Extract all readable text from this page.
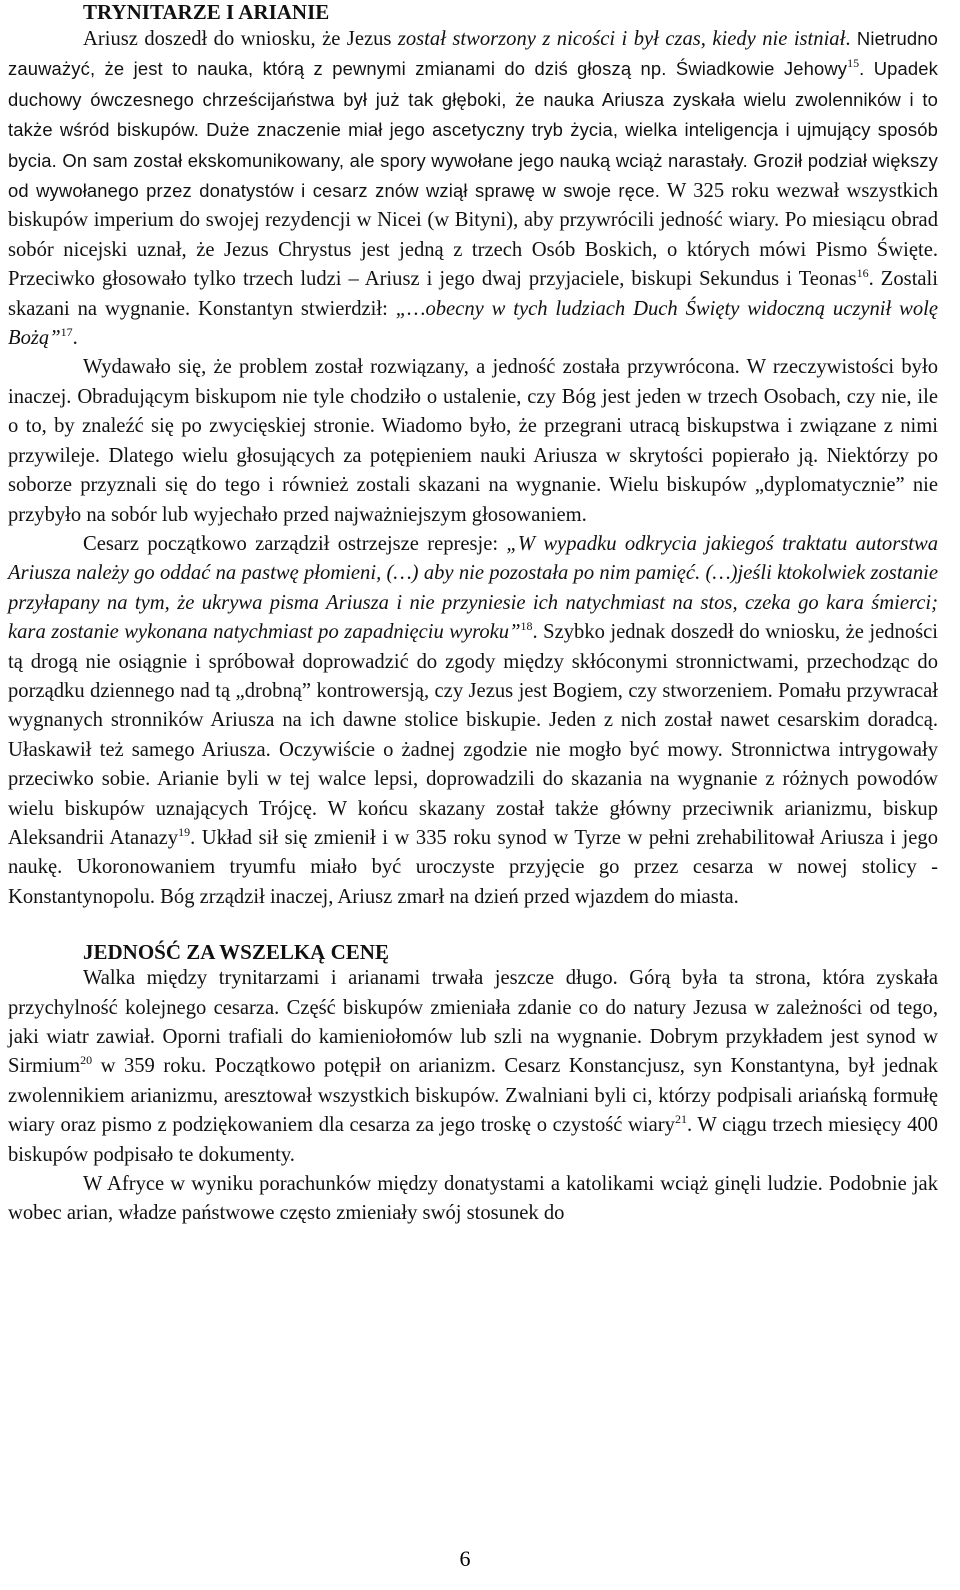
TRYNITARZE I ARIANIE

Ariusz doszedł do wniosku, że Jezus został stworzony z nicości i był czas, kiedy nie istniał. Nietrudno zauważyć, że jest to nauka, którą z pewnymi zmianami do dziś głoszą np. Świadkowie Jehowy$^{15}$. Upadek duchowy ówczesnego chrześcijaństwa był już tak głęboki, że nauka Ariusza zyskała wielu zwolenników i to także wśród biskupów. Duże znaczenie miał jego ascetyczny tryb życia, wielka inteligencja i ujmujący sposób bycia. On sam został ekskomunikowany, ale spory wywołane jego nauką wciąż narastały. Groził podział większy od wywołanego przez donatystów i cesarz znów wziął sprawę w swoje ręce. W 325 roku wezwał wszystkich biskupów imperium do swojej rezydencji w Nicei (w Bityni), aby przywrócili jedność wiary. Po miesiącu obrad sobór nicejski uznał, że Jezus Chrystus jest jedną z trzech Osób Boskich, o których mówi Pismo Święte. Przeciwko głosowało tylko trzech ludzi – Ariusz i jego dwaj przyjaciele, biskupi Sekundus i Teonas$^{16}$. Zostali skazani na wygnanie. Konstantyn stwierdził: „…obecny w tych ludziach Duch Święty widoczną uczynił wolę Bożą”$^{17}$.

Wydawało się, że problem został rozwiązany, a jedność została przywrócona. W rzeczywistości było inaczej. Obradującym biskupom nie tyle chodziło o ustalenie, czy Bóg jest jeden w trzech Osobach, czy nie, ile o to, by znaleźć się po zwycięskiej stronie. Wiadomo było, że przegrani utracą biskupstwa i związane z nimi przywileje. Dlatego wielu głosujących za potępieniem nauki Ariusza w skrytości popierało ją. Niektórzy po soborze przyznali się do tego i również zostali skazani na wygnanie. Wielu biskupów „dyplomatycznie” nie przybyło na sobór lub wyjechało przed najważniejszym głosowaniem.

Cesarz początkowo zarządził ostrzejsze represje: „W wypadku odkrycia jakiegoś traktatu autorstwa Ariusza należy go oddać na pastwę płomieni, (…) aby nie pozostała po nim pamięć. (…)jeśli ktokolwiek zostanie przyłapany na tym, że ukrywa pisma Ariusza i nie przyniesie ich natychmiast na stos, czeka go kara śmierci; kara zostanie wykonana natychmiast po zapadnięciu wyroku”$^{18}$. Szybko jednak doszedł do wniosku, że jedności tą drogą nie osiągnie i spróbował doprowadzić do zgody między skłóconymi stronnictwami, przechodząc do porządku dziennego nad tą „drobną” kontrowersją, czy Jezus jest Bogiem, czy stworzeniem. Pomału przywracał wygnanych stronników Ariusza na ich dawne stolice biskupie. Jeden z nich został nawet cesarskim doradcą. Ułaskawił też samego Ariusza. Oczywiście o żadnej zgodzie nie mogło być mowy. Stronnictwa intrygowały przeciwko sobie. Arianie byli w tej walce lepsi, doprowadzili do skazania na wygnanie z różnych powodów wielu biskupów uznających Trójcę. W końcu skazany został także główny przeciwnik arianizmu, biskup Aleksandrii Atanazy$^{19}$. Układ sił się zmienił i w 335 roku synod w Tyrze w pełni zrehabilitował Ariusza i jego naukę. Ukoronowaniem tryumfu miało być uroczyste przyjęcie go przez cesarza w nowej stolicy - Konstantynopolu. Bóg zrządził inaczej, Ariusz zmarł na dzień przed wjazdem do miasta.

JEDNOŚĆ ZA WSZELKĄ CENĘ

Walka między trynitarzami i arianami trwała jeszcze długo. Górą była ta strona, która zyskała przychylność kolejnego cesarza. Część biskupów zmieniała zdanie co do natury Jezusa w zależności od tego, jaki wiatr zawiał. Oporni trafiali do kamieniołomów lub szli na wygnanie. Dobrym przykładem jest synod w Sirmium$^{20}$ w 359 roku. Początkowo potępił on arianizm. Cesarz Konstancjusz, syn Konstantyna, był jednak zwolennikiem arianizmu, aresztował wszystkich biskupów. Zwalniani byli ci, którzy podpisali ariańską formułę wiary oraz pismo z podziękowaniem dla cesarza za jego troskę o czystość wiary$^{21}$. W ciągu trzech miesięcy 400 biskupów podpisało te dokumenty.

W Afryce w wyniku porachunków między donatystami a katolikami wciąż ginęli ludzie. Podobnie jak wobec arian, władze państwowe często zmieniały swój stosunek do

6
